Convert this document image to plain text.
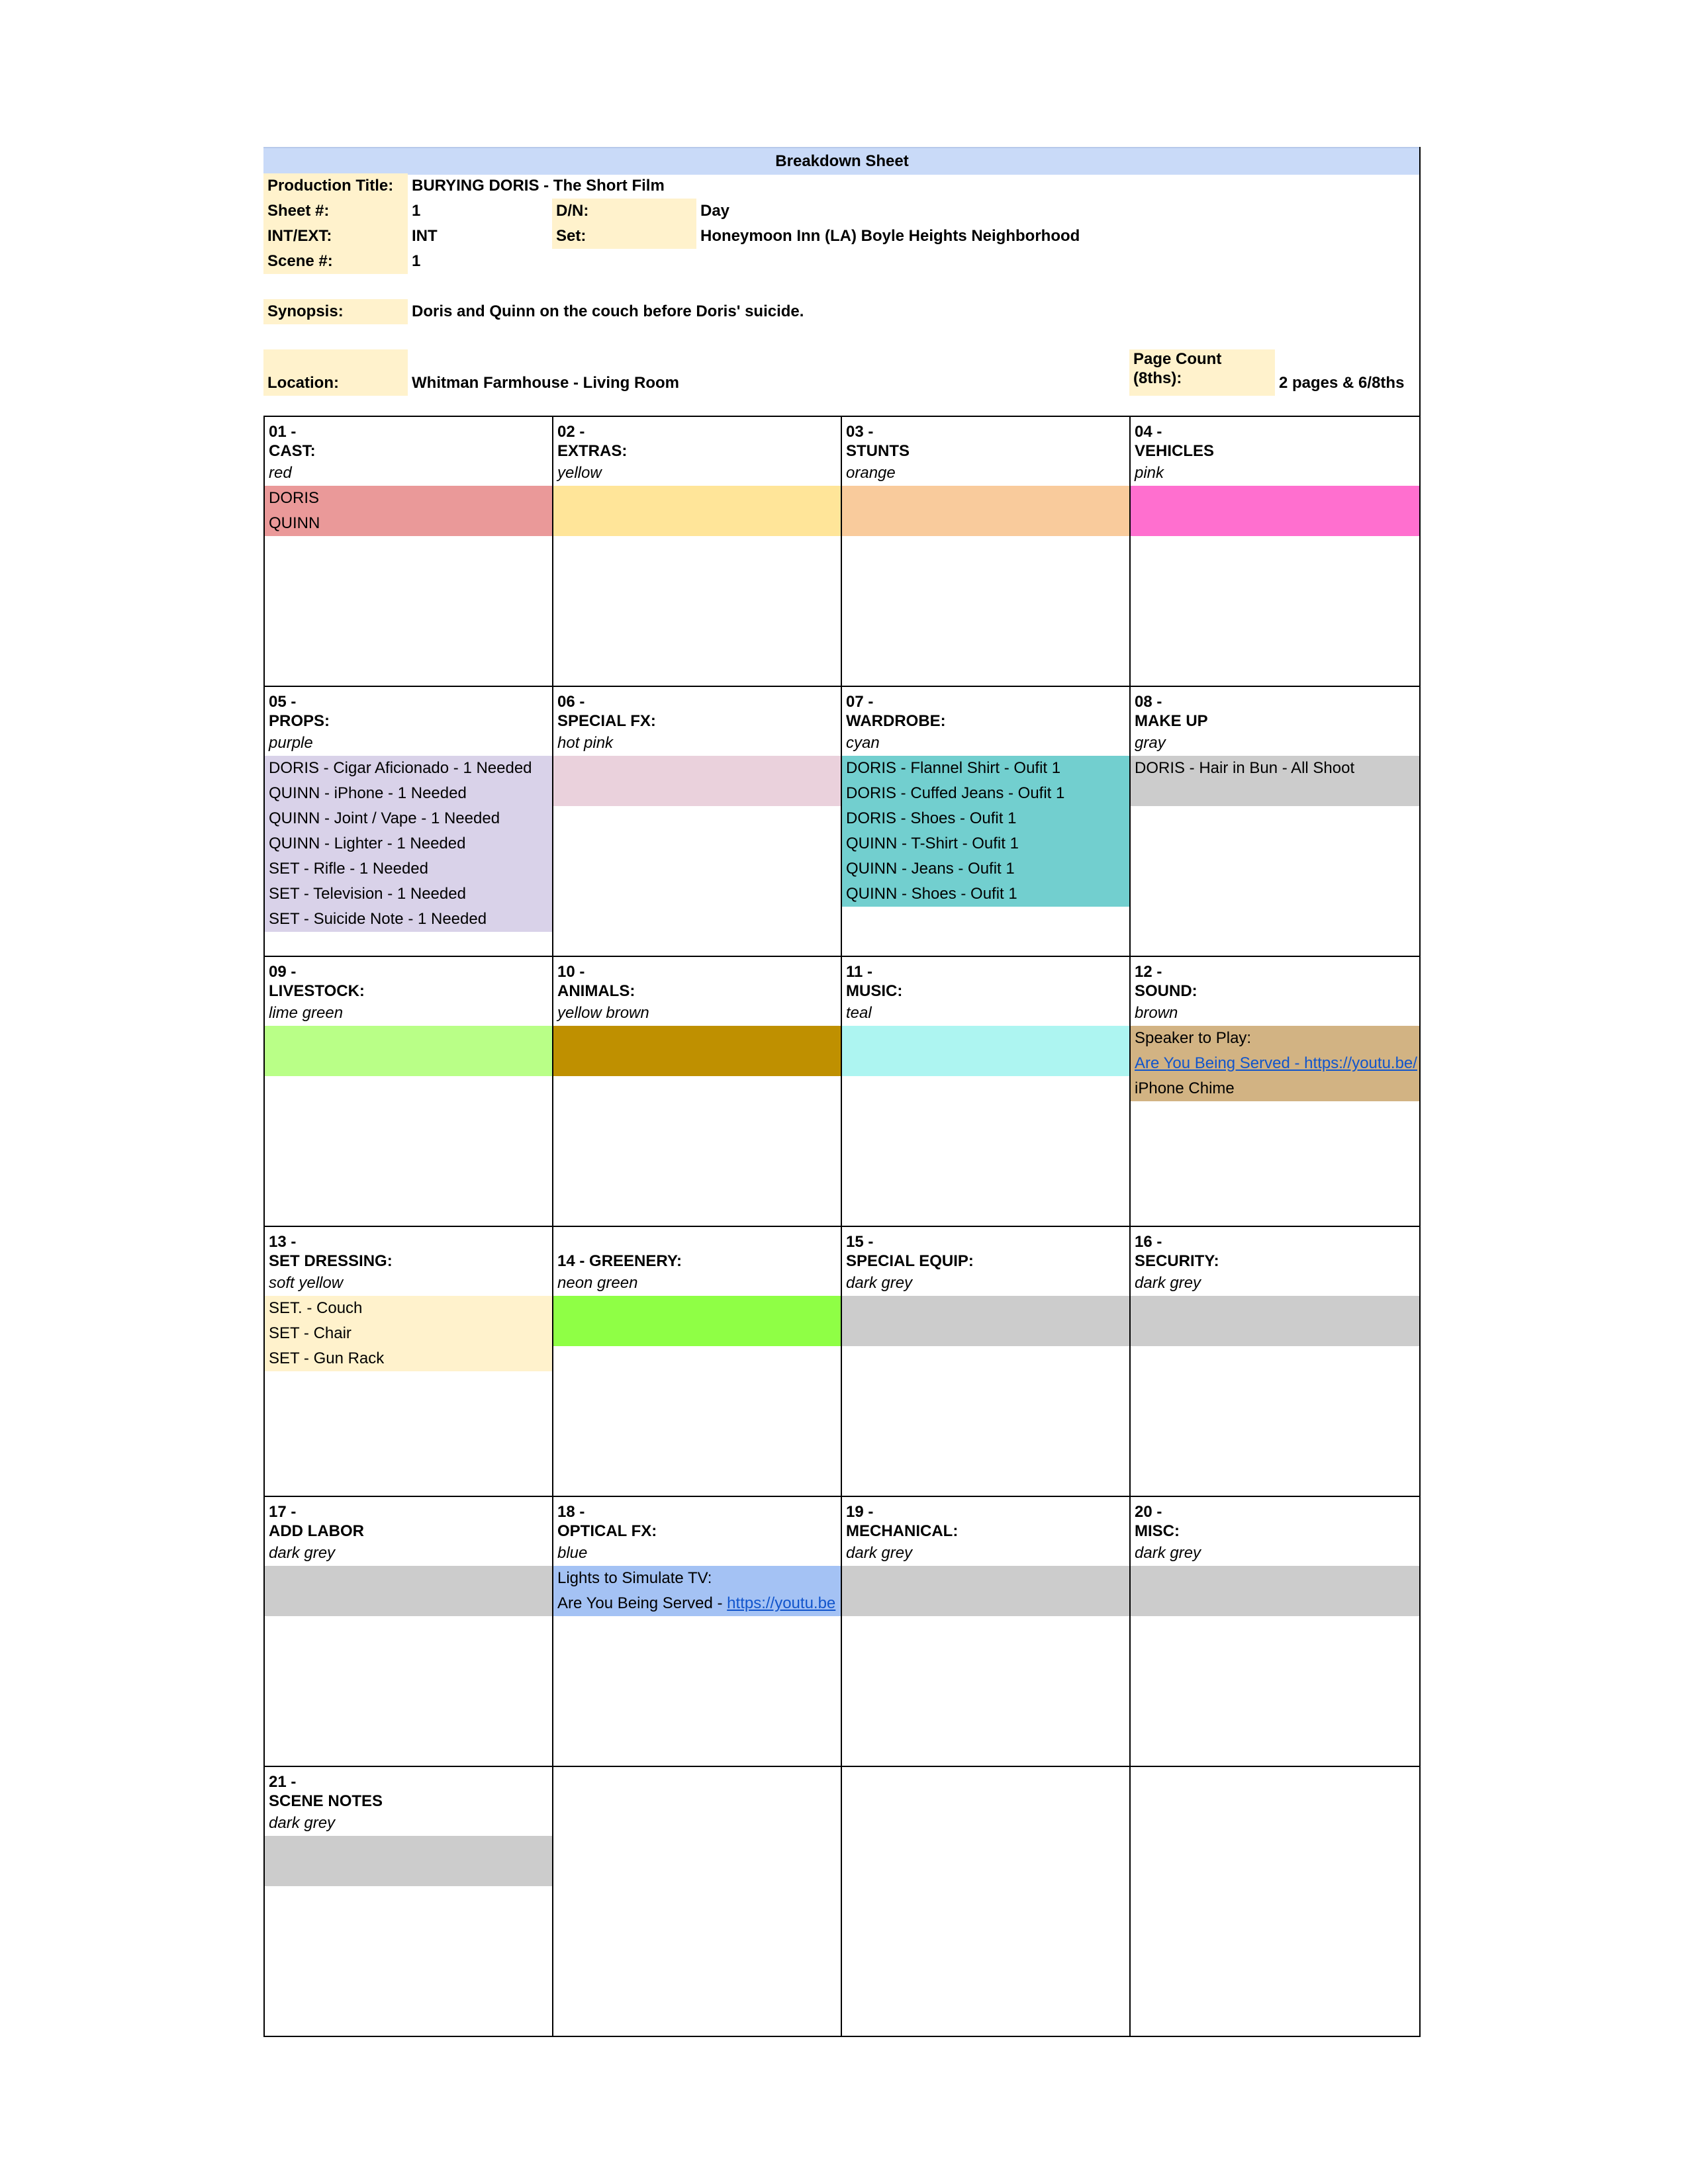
Breakdown Sheet
Production Title: BURYING DORIS - The Short Film
Sheet #:	1	D/N:	Day
INT/EXT:	INT	Set:	Honeymoon Inn (LA) Boyle Heights Neighborhood
Scene #:	1
Synopsis:	Doris and Quinn on the couch before Doris' suicide.
Location:	Whitman Farmhouse - Living Room
Page Count
(8ths):	2 pages & 6/8ths
01 -
CAST:
red
DORIS
QUINN
02 -
EXTRAS:
yellow
03 -
STUNTS
orange
04 -
VEHICLES
pink
05 -
PROPS:
purple
DORIS - Cigar Aficionado - 1 Needed
QUINN - iPhone - 1 Needed
QUINN - Joint / Vape - 1 Needed
QUINN - Lighter - 1 Needed
SET - Rifle - 1 Needed
SET - Television - 1 Needed
SET - Suicide Note - 1 Needed
06 -
SPECIAL FX:
hot pink
07 -
WARDROBE:
cyan
DORIS - Flannel Shirt - Oufit 1
DORIS - Cuffed Jeans - Oufit 1
DORIS - Shoes - Oufit 1
QUINN - T-Shirt - Oufit 1
QUINN - Jeans - Oufit 1
QUINN - Shoes - Oufit 1
08 -
MAKE UP
gray
DORIS - Hair in Bun - All Shoot
09 -
LIVESTOCK:
lime green
10 -
ANIMALS:
yellow brown
11 -
MUSIC:
teal
12 -
SOUND:
brown
Speaker to Play:
Are You Being Served - https://youtu.be/
iPhone Chime
13 -
SET DRESSING:
soft yellow
SET. - Couch
SET - Chair
SET - Gun Rack

14 - GREENERY:
neon green
15 -
SPECIAL EQUIP:
dark grey
16 -
SECURITY:
dark grey
17 -
ADD LABOR
dark grey
18 -
OPTICAL FX:
blue
Lights to Simulate TV:
Are You Being Served - https://youtu.be
19 -
MECHANICAL:
dark grey
20 -
MISC:
dark grey
21 -
SCENE NOTES
dark grey
